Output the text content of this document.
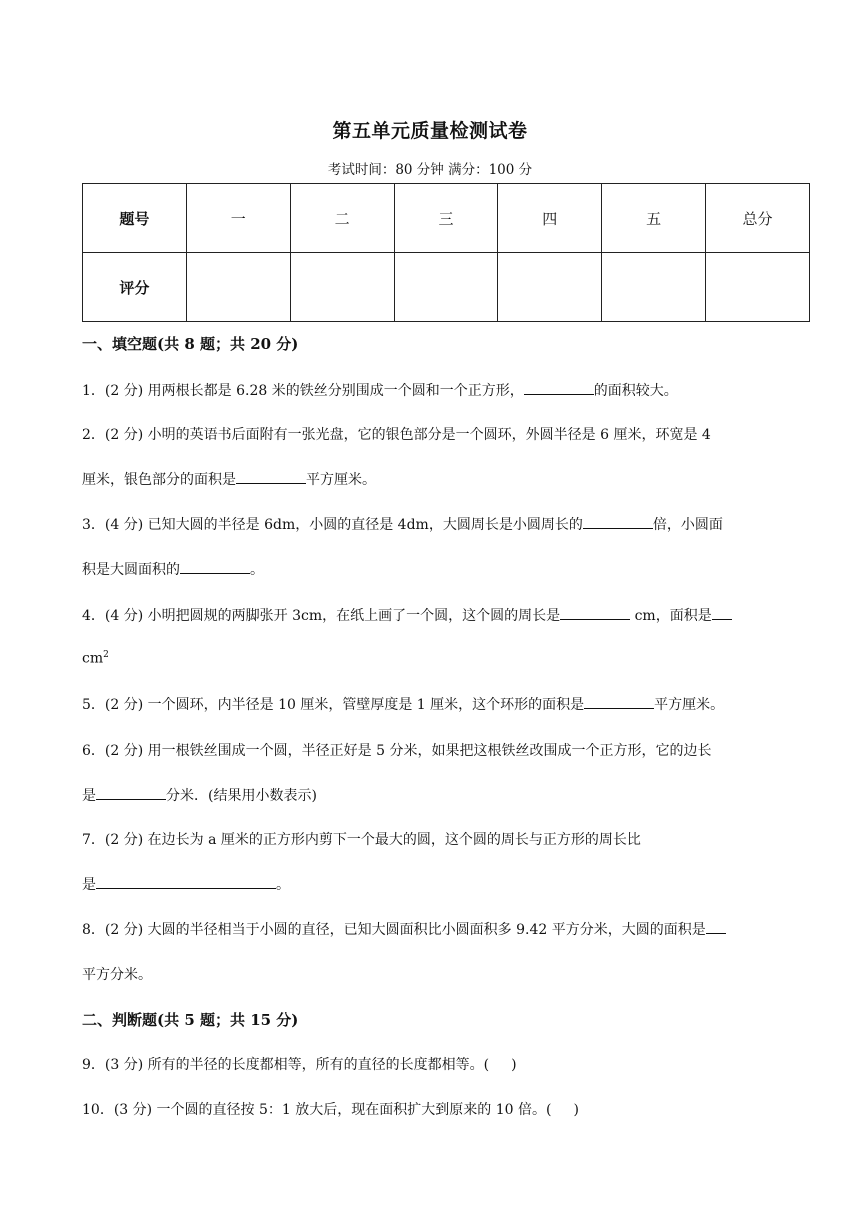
第五单元质量检测试卷
考试时间：80 分钟 满分：100 分
题号	一	二	三	四	五	总分
评分						
一、填空题(共 8 题；共 20 分)
1．(2 分) 用两根长都是 6.28 米的铁丝分别围成一个圆和一个正方形，	的面积较大。
2．(2 分) 小明的英语书后面附有一张光盘，它的银色部分是一个圆环，外圆半径是 6 厘米，环宽是 4
厘米，银色部分的面积是	平方厘米。
3．(4 分) 已知大圆的半径是 6dm，小圆的直径是 4dm，大圆周长是小圆周长的	倍，小圆面
积是大圆面积的	。
4．(4 分) 小明把圆规的两脚张开 3cm，在纸上画了一个圆，这个圆的周长是	cm，面积是
$cm^2$
5．(2 分) 一个圆环，内半径是 10 厘米，管壁厚度是 1 厘米，这个环形的面积是	平方厘米。
6．(2 分) 用一根铁丝围成一个圆，半径正好是 5 分米，如果把这根铁丝改围成一个正方形，它的边长
是	分米．(结果用小数表示)
7．(2 分) 在边长为 a 厘米的正方形内剪下一个最大的圆，这个圆的周长与正方形的周长比
是	。
8．(2 分) 大圆的半径相当于小圆的直径，已知大圆面积比小圆面积多 9.42 平方分米，大圆的面积是
平方分米。
二、判断题(共 5 题；共 15 分)
9．(3 分) 所有的半径的长度都相等，所有的直径的长度都相等。( )
10．(3 分) 一个圆的直径按 5：1 放大后，现在面积扩大到原来的 10 倍。( )
